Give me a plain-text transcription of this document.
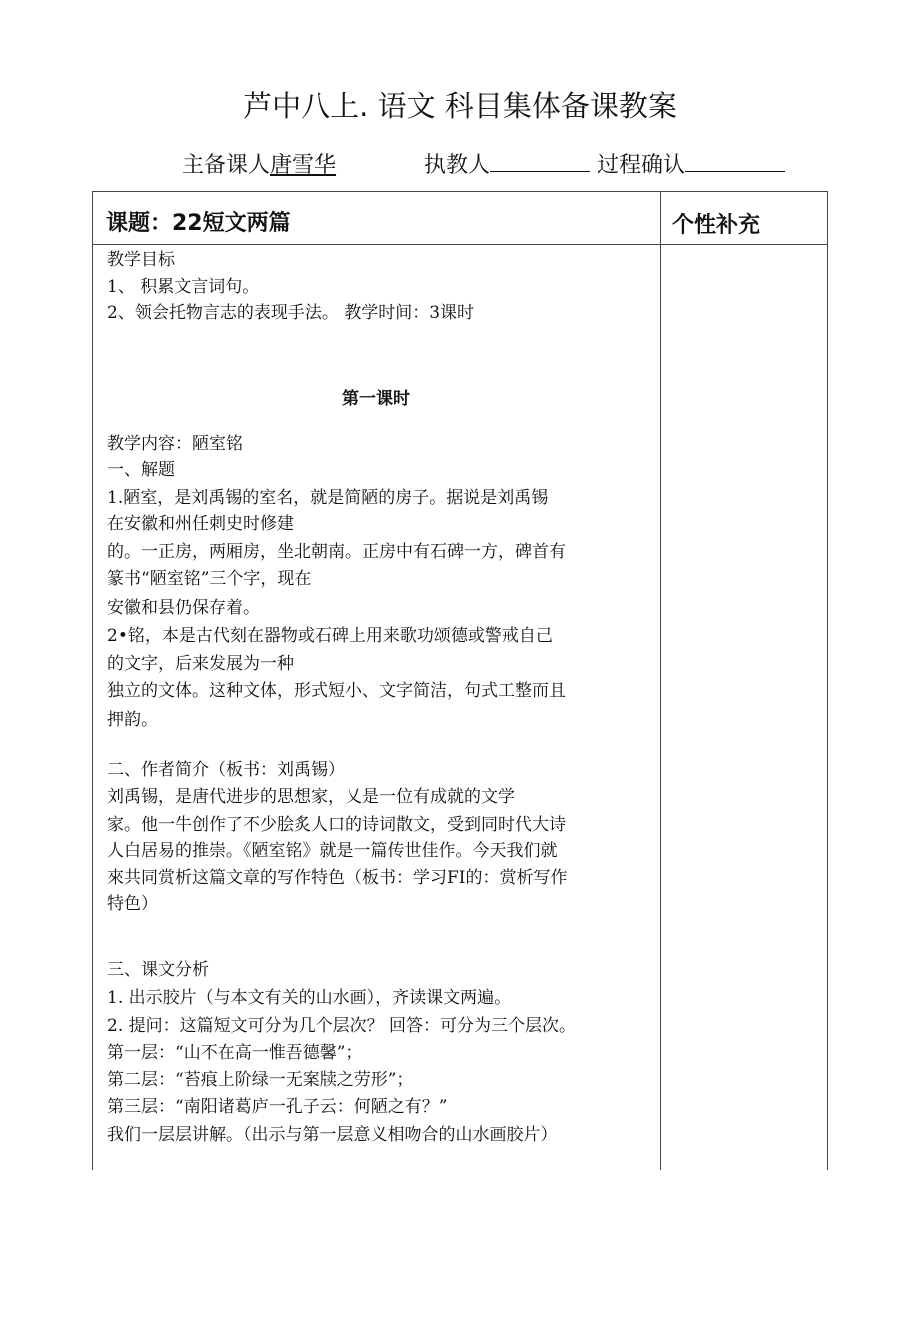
芦中八上. 语文 科目集体备课教案
主备课人唐雪华	执教人	过程确认
课题：22短文两篇	个性补充
教学目标
1、 积累文言词句。
2、领会托物言志的表现手法。 教学时间：3课时
第一课时
教学内容：陋室铭
一、解题
1.陋室，是刘禹锡的室名，就是简陋的房子。据说是刘禹锡
在安徽和州任刺史时修建
的。一正房，两厢房，坐北朝南。正房中有石碑一方，碑首有
篆书“陋室铭”三个字，现在
安徽和县仍保存着。
2•铭，本是古代刻在器物或石碑上用来歌功颂德或警戒自己
的文字，后来发展为一种
独立的文体。这种文体，形式短小、文字简洁，句式工整而且
押韵。
二、作者简介（板书：刘禹锡）
刘禹锡，是唐代进步的思想家，乂是一位有成就的文学
家。他一牛创作了不少脍炙人口的诗词散文，受到同时代大诗
人白居易的推崇。《陋室铭》就是一篇传世佳作。今天我们就
來共同赏析这篇文章的写作特色（板书：学习FI的：赏析写作
特色）
三、课文分析
1. 出示胶片（与本文有关的山水画），齐读课文两遍。
2. 提问：这篇短文可分为几个层次？ 回答：可分为三个层次。
第一层：“山不在高一惟吾德馨”；
第二层：“苔痕上阶绿一无案牍之劳形”；
第三层：“南阳诸葛庐一孔子云：何陋之有？”
我们一层层讲解。（出示与第一层意义相吻合的山水画胶片）
